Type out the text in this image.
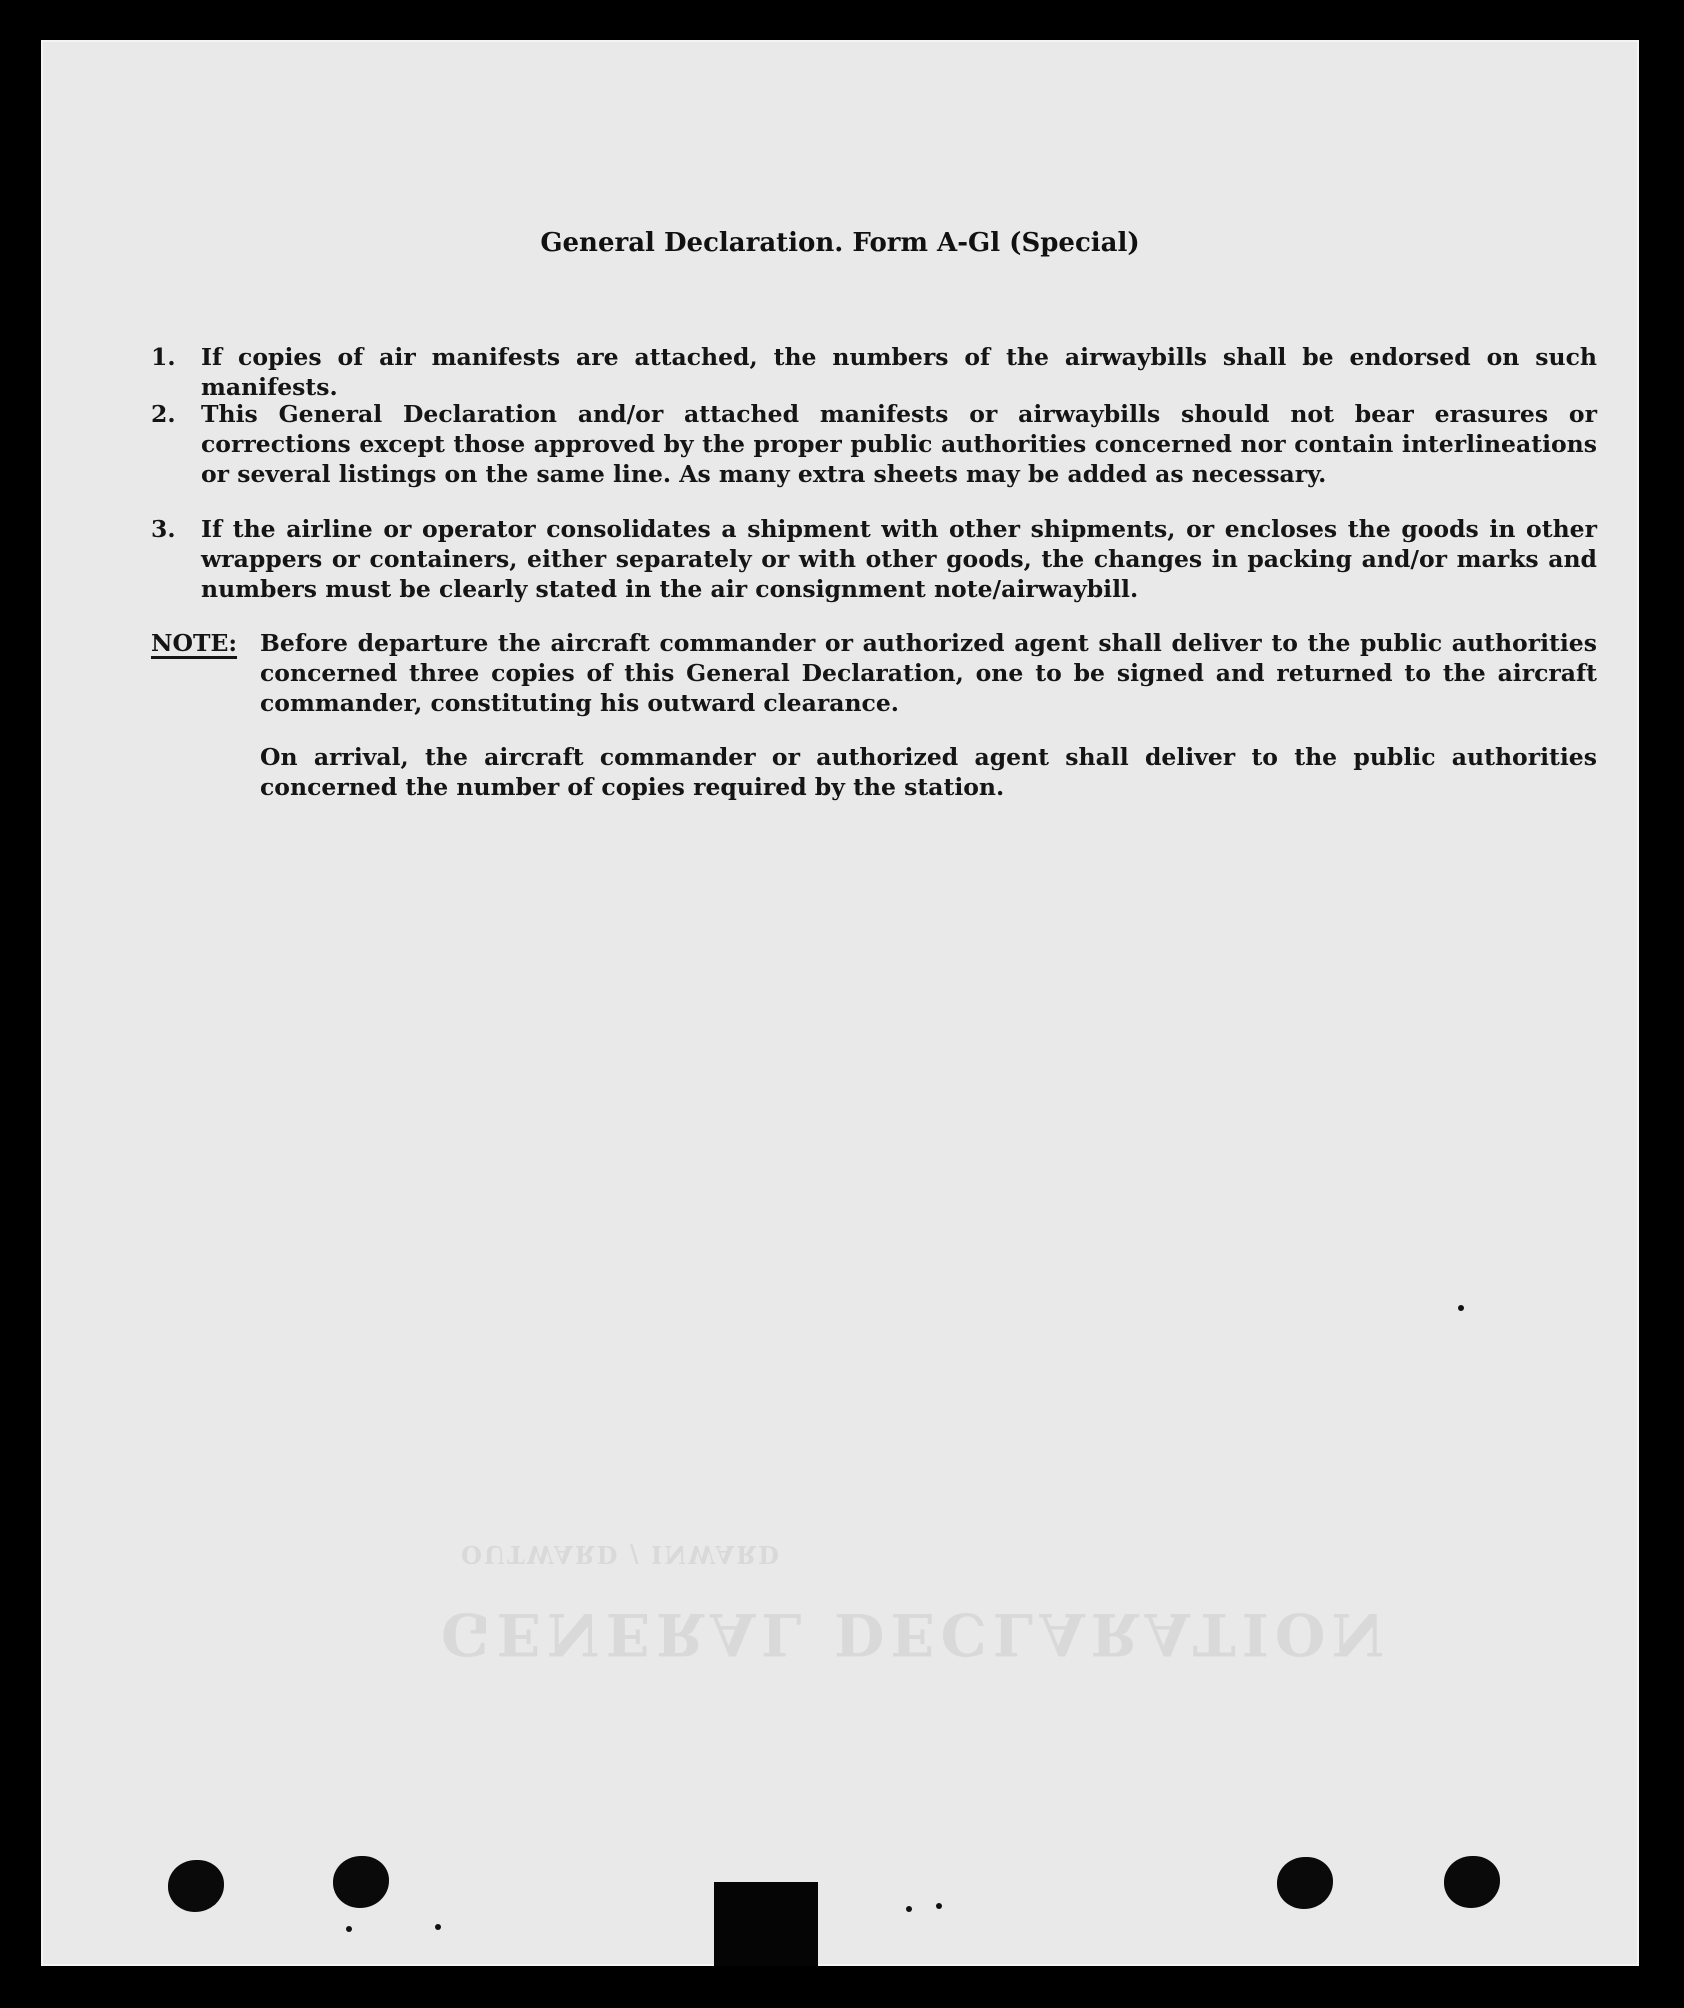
GENERAL DECLARATION
OUTWARD / INWARD
General Declaration. Form A-Gl (Special)
1.	If copies of air manifests are attached, the numbers of the airwaybills shall be endorsed on such manifests.
2.	This General Declaration and/or attached manifests or airwaybills should not bear erasures or corrections except those approved by the proper public authorities concerned nor contain interlineations or several listings on the same line. As many extra sheets may be added as necessary.
3.	If the airline or operator consolidates a shipment with other shipments, or encloses the goods in other wrappers or containers, either separately or with other goods, the changes in packing and/or marks and numbers must be clearly stated in the air consignment note/airwaybill.
NOTE: Before departure the aircraft commander or authorized agent shall deliver to the public authorities concerned three copies of this General Declaration, one to be signed and returned to the aircraft commander, constituting his outward clearance.

On arrival, the aircraft commander or authorized agent shall deliver to the public authorities concerned the number of copies required by the station.
